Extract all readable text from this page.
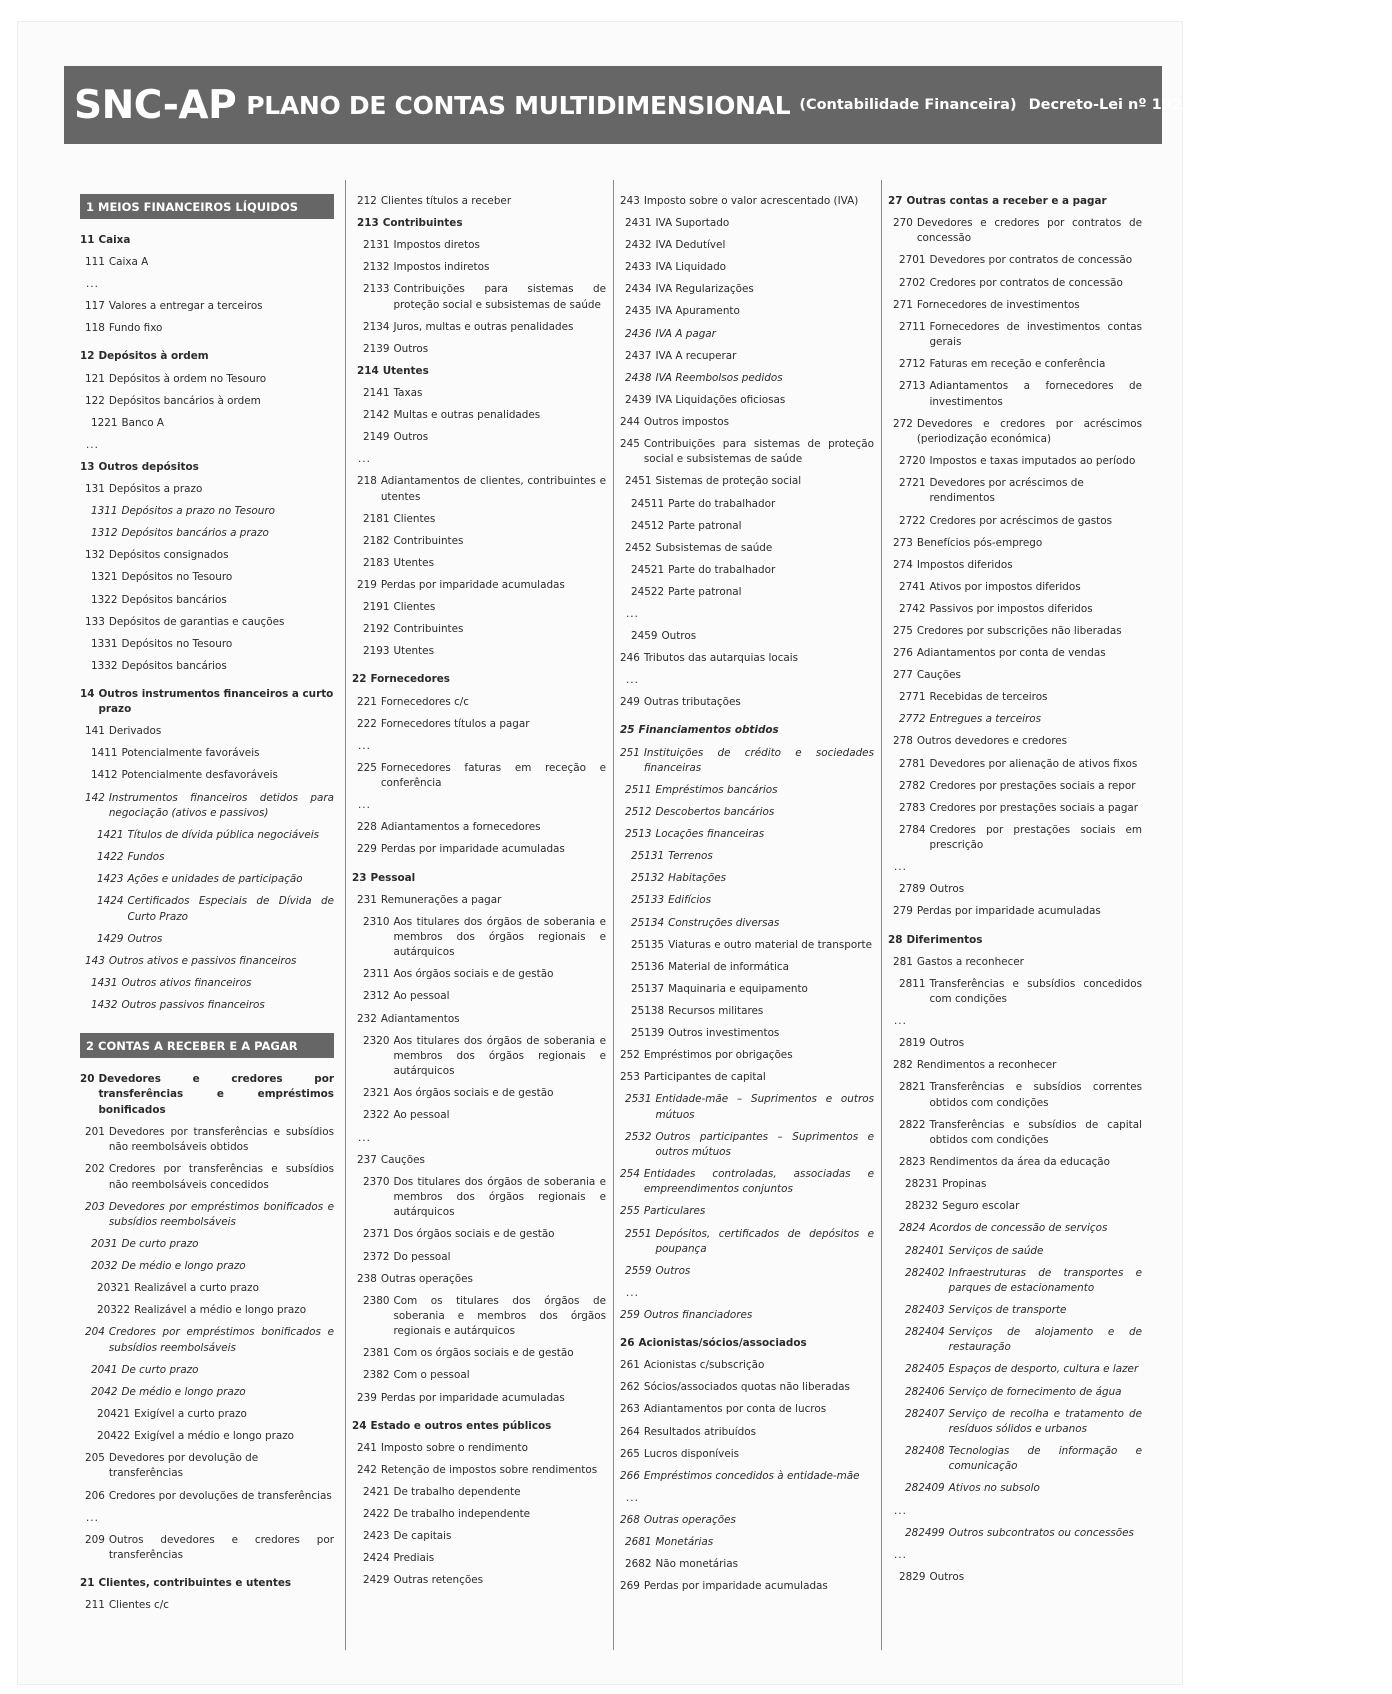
SNC-AP PLANO DE CONTAS MULTIDIMENSIONAL (Contabilidade Financeira) Decreto-Lei nº 192/2015, de 11 de setembro
1 MEIOS FINANCEIROS LÍQUIDOS
11 Caixa
111 Caixa A
...
117 Valores a entregar a terceiros
118 Fundo fixo
12 Depósitos à ordem
121 Depósitos à ordem no Tesouro
122 Depósitos bancários à ordem
1221 Banco A
...
13 Outros depósitos
131 Depósitos a prazo
1311 Depósitos a prazo no Tesouro
1312 Depósitos bancários a prazo
132 Depósitos consignados
1321 Depósitos no Tesouro
1322 Depósitos bancários
133 Depósitos de garantias e cauções
1331 Depósitos no Tesouro
1332 Depósitos bancários
14 Outros instrumentos financeiros a curto prazo
141 Derivados
1411 Potencialmente favoráveis
1412 Potencialmente desfavoráveis
142 Instrumentos financeiros detidos para negociação (ativos e passivos)
1421 Títulos de dívida pública negociáveis
1422 Fundos
1423 Ações e unidades de participação
1424 Certificados Especiais de Dívida de Curto Prazo
1429 Outros
143 Outros ativos e passivos financeiros
1431 Outros ativos financeiros
1432 Outros passivos financeiros
2 CONTAS A RECEBER E A PAGAR
20 Devedores e credores por transferências e empréstimos bonificados
201 Devedores por transferências e subsídios não reembolsáveis obtidos
202 Credores por transferências e subsídios não reembolsáveis concedidos
203 Devedores por empréstimos bonificados e subsídios reembolsáveis
2031 De curto prazo
2032 De médio e longo prazo
20321 Realizável a curto prazo
20322 Realizável a médio e longo prazo
204 Credores por empréstimos bonificados e subsídios reembolsáveis
2041 De curto prazo
2042 De médio e longo prazo
20421 Exigível a curto prazo
20422 Exigível a médio e longo prazo
205 Devedores por devolução de transferências
206 Credores por devoluções de transferências
...
209 Outros devedores e credores por transferências
21 Clientes, contribuintes e utentes
211 Clientes c/c
212 Clientes títulos a receber
213 Contribuintes
2131 Impostos diretos
2132 Impostos indiretos
2133 Contribuições para sistemas de proteção social e subsistemas de saúde
2134 Juros, multas e outras penalidades
2139 Outros
214 Utentes
2141 Taxas
2142 Multas e outras penalidades
2149 Outros
...
218 Adiantamentos de clientes, contribuintes e utentes
2181 Clientes
2182 Contribuintes
2183 Utentes
219 Perdas por imparidade acumuladas
2191 Clientes
2192 Contribuintes
2193 Utentes
22 Fornecedores
221 Fornecedores c/c
222 Fornecedores títulos a pagar
...
225 Fornecedores faturas em receção e conferência
...
228 Adiantamentos a fornecedores
229 Perdas por imparidade acumuladas
23 Pessoal
231 Remunerações a pagar
2310 Aos titulares dos órgãos de soberania e membros dos órgãos regionais e autárquicos
2311 Aos órgãos sociais e de gestão
2312 Ao pessoal
232 Adiantamentos
2320 Aos titulares dos órgãos de soberania e membros dos órgãos regionais e autárquicos
2321 Aos órgãos sociais e de gestão
2322 Ao pessoal
...
237 Cauções
2370 Dos titulares dos órgãos de soberania e membros dos órgãos regionais e autárquicos
2371 Dos órgãos sociais e de gestão
2372 Do pessoal
238 Outras operações
2380 Com os titulares dos órgãos de soberania e membros dos órgãos regionais e autárquicos
2381 Com os órgãos sociais e de gestão
2382 Com o pessoal
239 Perdas por imparidade acumuladas
24 Estado e outros entes públicos
241 Imposto sobre o rendimento
242 Retenção de impostos sobre rendimentos
2421 De trabalho dependente
2422 De trabalho independente
2423 De capitais
2424 Prediais
2429 Outras retenções
243 Imposto sobre o valor acrescentado (IVA)
2431 IVA Suportado
2432 IVA Dedutível
2433 IVA Liquidado
2434 IVA Regularizações
2435 IVA Apuramento
2436 IVA A pagar
2437 IVA A recuperar
2438 IVA Reembolsos pedidos
2439 IVA Liquidações oficiosas
244 Outros impostos
245 Contribuições para sistemas de proteção social e subsistemas de saúde
2451 Sistemas de proteção social
24511 Parte do trabalhador
24512 Parte patronal
2452 Subsistemas de saúde
24521 Parte do trabalhador
24522 Parte patronal
...
2459 Outros
246 Tributos das autarquias locais
...
249 Outras tributações
25 Financiamentos obtidos
251 Instituições de crédito e sociedades financeiras
2511 Empréstimos bancários
2512 Descobertos bancários
2513 Locações financeiras
25131 Terrenos
25132 Habitações
25133 Edifícios
25134 Construções diversas
25135 Viaturas e outro material de transporte
25136 Material de informática
25137 Maquinaria e equipamento
25138 Recursos militares
25139 Outros investimentos
252 Empréstimos por obrigações
253 Participantes de capital
2531 Entidade-mãe – Suprimentos e outros mútuos
2532 Outros participantes – Suprimentos e outros mútuos
254 Entidades controladas, associadas e empreendimentos conjuntos
255 Particulares
2551 Depósitos, certificados de depósitos e poupança
2559 Outros
...
259 Outros financiadores
26 Acionistas/sócios/associados
261 Acionistas c/subscrição
262 Sócios/associados quotas não liberadas
263 Adiantamentos por conta de lucros
264 Resultados atribuídos
265 Lucros disponíveis
266 Empréstimos concedidos à entidade-mãe
...
268 Outras operações
2681 Monetárias
2682 Não monetárias
269 Perdas por imparidade acumuladas
27 Outras contas a receber e a pagar
270 Devedores e credores por contratos de concessão
2701 Devedores por contratos de concessão
2702 Credores por contratos de concessão
271 Fornecedores de investimentos
2711 Fornecedores de investimentos contas gerais
2712 Faturas em receção e conferência
2713 Adiantamentos a fornecedores de investimentos
272 Devedores e credores por acréscimos (periodização económica)
2720 Impostos e taxas imputados ao período
2721 Devedores por acréscimos de rendimentos
2722 Credores por acréscimos de gastos
273 Benefícios pós-emprego
274 Impostos diferidos
2741 Ativos por impostos diferidos
2742 Passivos por impostos diferidos
275 Credores por subscrições não liberadas
276 Adiantamentos por conta de vendas
277 Cauções
2771 Recebidas de terceiros
2772 Entregues a terceiros
278 Outros devedores e credores
2781 Devedores por alienação de ativos fixos
2782 Credores por prestações sociais a repor
2783 Credores por prestações sociais a pagar
2784 Credores por prestações sociais em prescrição
...
2789 Outros
279 Perdas por imparidade acumuladas
28 Diferimentos
281 Gastos a reconhecer
2811 Transferências e subsídios concedidos com condições
...
2819 Outros
282 Rendimentos a reconhecer
2821 Transferências e subsídios correntes obtidos com condições
2822 Transferências e subsídios de capital obtidos com condições
2823 Rendimentos da área da educação
28231 Propinas
28232 Seguro escolar
2824 Acordos de concessão de serviços
282401 Serviços de saúde
282402 Infraestruturas de transportes e parques de estacionamento
282403 Serviços de transporte
282404 Serviços de alojamento e de restauração
282405 Espaços de desporto, cultura e lazer
282406 Serviço de fornecimento de água
282407 Serviço de recolha e tratamento de resíduos sólidos e urbanos
282408 Tecnologias de informação e comunicação
282409 Ativos no subsolo
...
282499 Outros subcontratos ou concessões
...
2829 Outros
